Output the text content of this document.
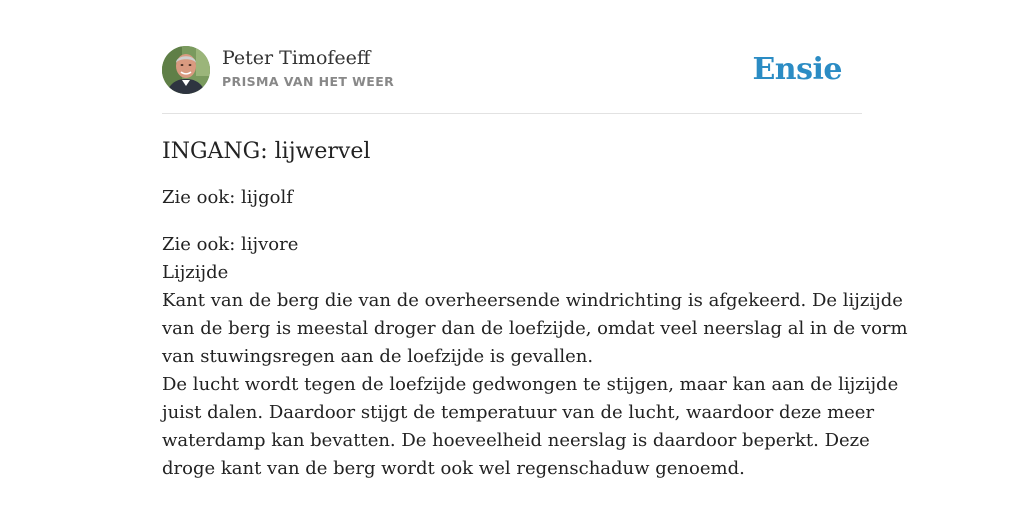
Peter Timofeeff
PRISMA VAN HET WEER	Ensie
INGANG: lijwervel
Zie ook: lijgolf
Zie ook: lijvore
Lijzijde
Kant van de berg die van de overheersende windrichting is afgekeerd. De lijzijde
van de berg is meestal droger dan de loefzijde, omdat veel neerslag al in de vorm
van stuwingsregen aan de loefzijde is gevallen.
De lucht wordt tegen de loefzijde gedwongen te stijgen, maar kan aan de lijzijde
juist dalen. Daardoor stijgt de temperatuur van de lucht, waardoor deze meer
waterdamp kan bevatten. De hoeveelheid neerslag is daardoor beperkt. Deze
droge kant van de berg wordt ook wel regenschaduw genoemd.
